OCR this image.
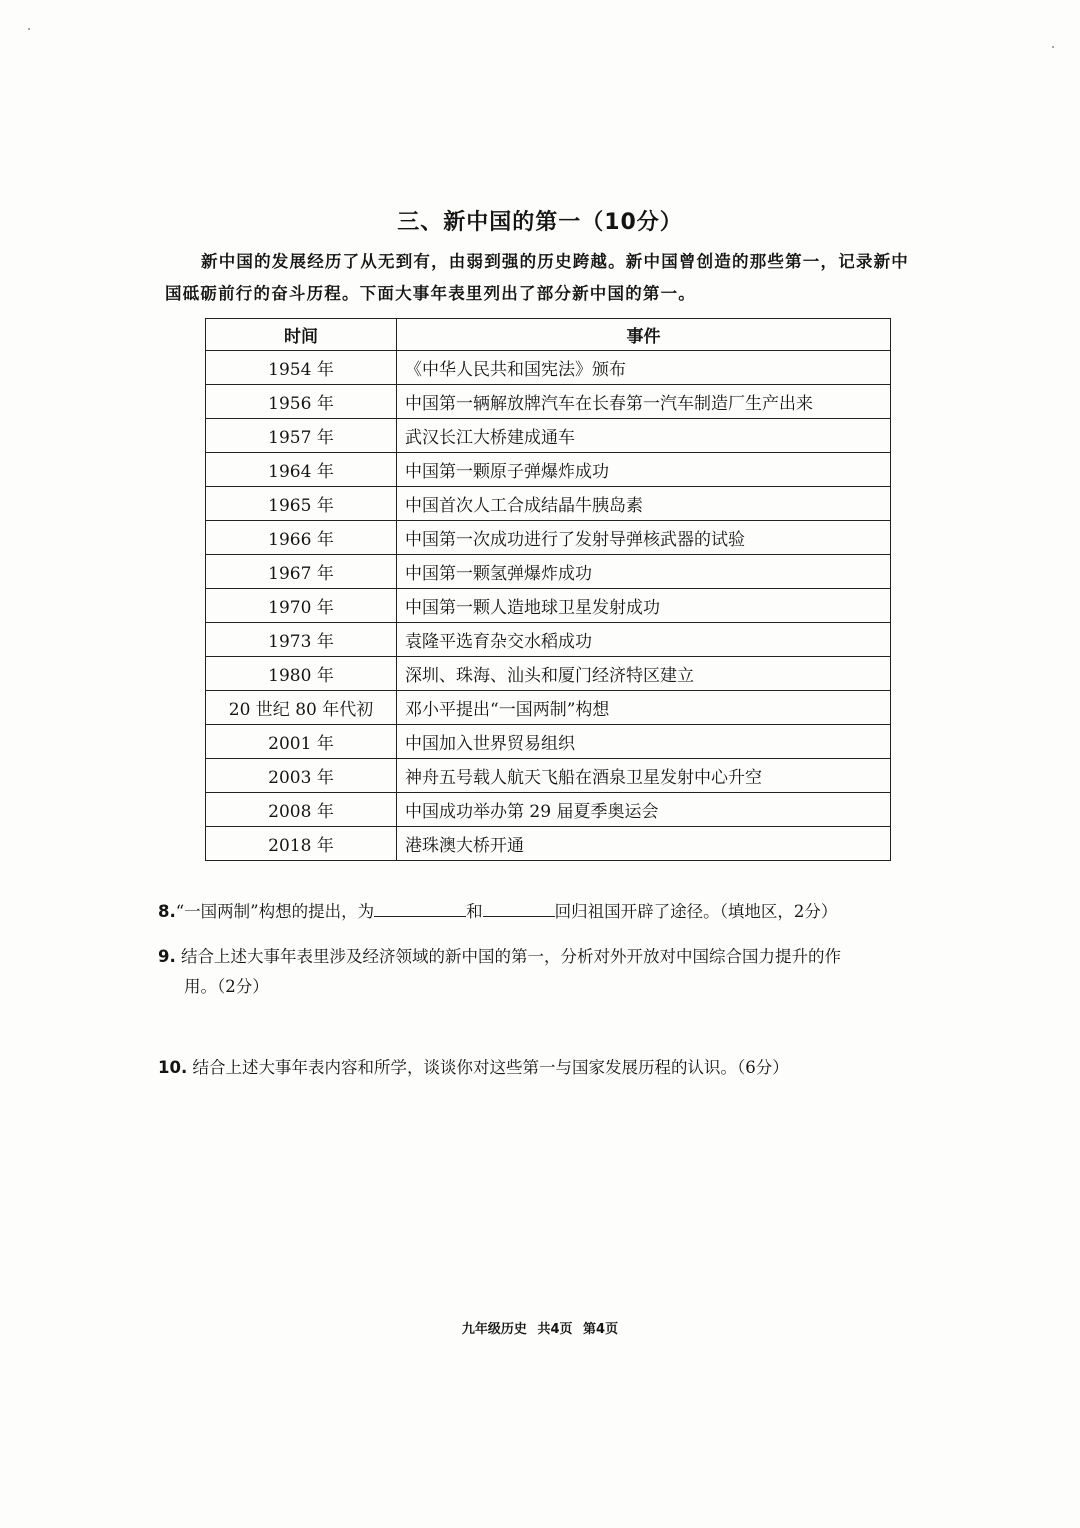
三、新中国的第一（10分）
新中国的发展经历了从无到有，由弱到强的历史跨越。新中国曾创造的那些第一，记录新中
国砥砺前行的奋斗历程。下面大事年表里列出了部分新中国的第一。
时间	事件
1954 年	《中华人民共和国宪法》颁布
1956 年	中国第一辆解放牌汽车在长春第一汽车制造厂生产出来
1957 年	武汉长江大桥建成通车
1964 年	中国第一颗原子弹爆炸成功
1965 年	中国首次人工合成结晶牛胰岛素
1966 年	中国第一次成功进行了发射导弹核武器的试验
1967 年	中国第一颗氢弹爆炸成功
1970 年	中国第一颗人造地球卫星发射成功
1973 年	袁隆平选育杂交水稻成功
1980 年	深圳、珠海、汕头和厦门经济特区建立
20 世纪 80 年代初	邓小平提出“一国两制”构想
2001 年	中国加入世界贸易组织
2003 年	神舟五号载人航天飞船在酒泉卫星发射中心升空
2008 年	中国成功举办第 29 届夏季奥运会
2018 年	港珠澳大桥开通
8.“一国两制”构想的提出，为	和	回归祖国开辟了途径。（填地区，2分）
9. 结合上述大事年表里涉及经济领域的新中国的第一，分析对外开放对中国综合国力提升的作
用。（2分）
10. 结合上述大事年表内容和所学，谈谈你对这些第一与国家发展历程的认识。（6分）
九年级历史 共4页 第4页
